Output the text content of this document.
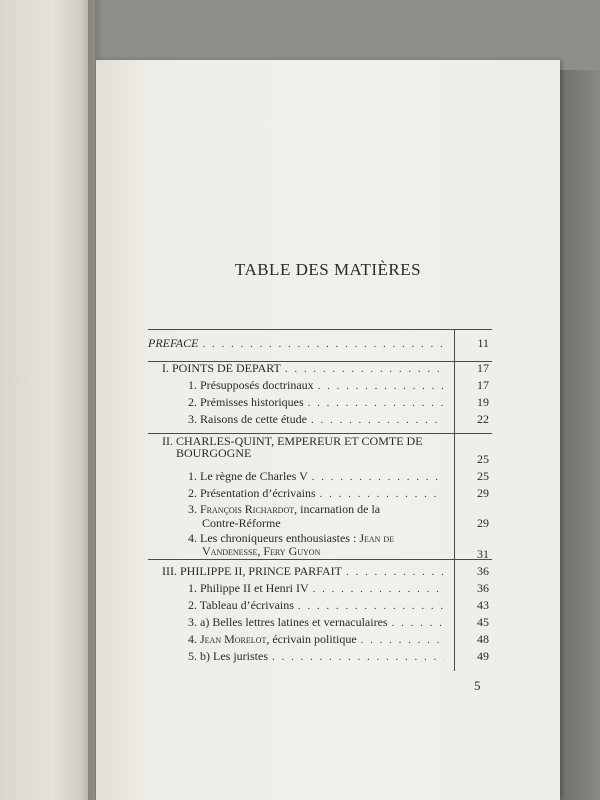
TABLE DES MATIÈRES
PREFACE . . .	11
I. POINTS DE DEPART . . .	17
1. Présupposés doctrinaux . . .	17
2. Prémisses historiques . . .	19
3. Raisons de cette étude . . .	22
II. CHARLES-QUINT, EMPEREUR ET COMTE DE
BOURGOGNE	25
1. Le règne de Charles V . . .	25
2. Présentation d’écrivains . . .	29
3. François Richardot, incarnation de la
Contre-Réforme	29
4. Les chroniqueurs enthousiastes : Jean de
Vandenesse, Fery Guyon	31
III. PHILIPPE II, PRINCE PARFAIT . . .	36
1. Philippe II et Henri IV . . .	36
2. Tableau d’écrivains . . .	43
3. a) Belles lettres latines et vernaculaires . . .	45
4. Jean Morelot, écrivain politique . . .	48
5. b) Les juristes . . .	49
5
